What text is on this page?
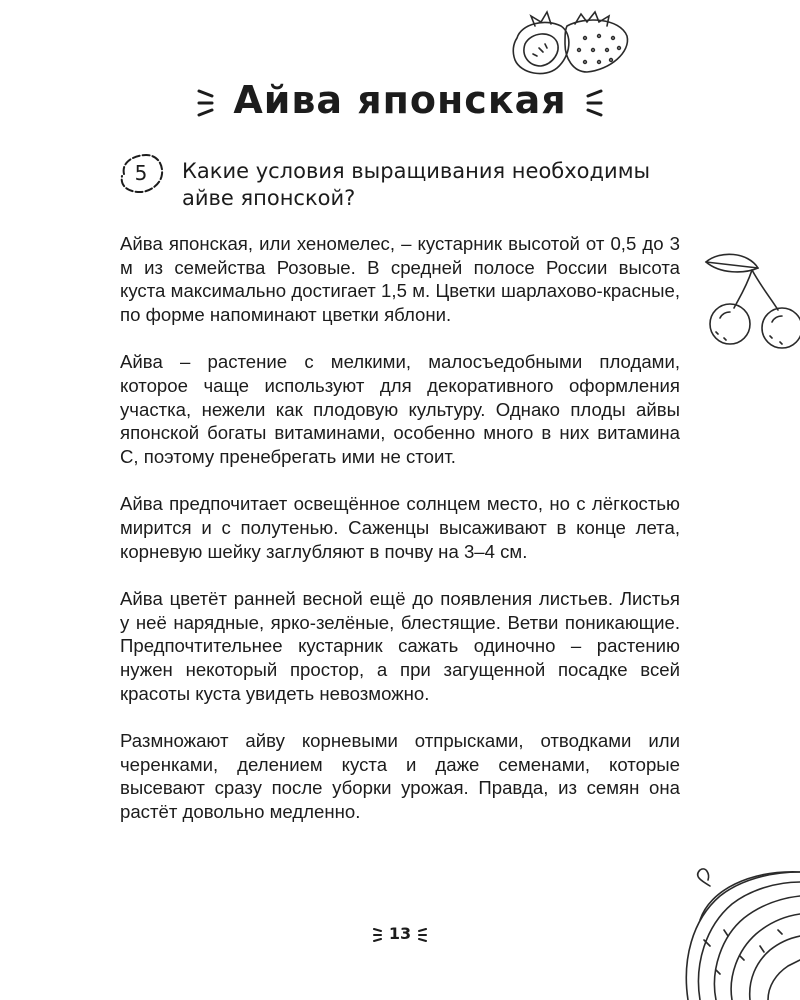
Айва японская
5	Какие условия выращивания необходимы айве японской?

Айва японская, или хеномелес, – кустарник высотой от 0,5 до 3 м из семейства Розовые. В средней полосе России высота куста максимально достигает 1,5 м. Цветки шарлахово-красные, по форме напоминают цветки яблони.

Айва – растение с мелкими, малосъедобными плодами, которое чаще используют для декоративного оформления участка, нежели как плодовую культуру. Однако плоды айвы японской богаты витаминами, особенно много в них витамина С, поэтому пренебрегать ими не стоит.

Айва предпочитает освещённое солнцем место, но с лёгкостью мирится и с полутенью. Саженцы высаживают в конце лета, корневую шейку заглубляют в почву на 3–4 см.

Айва цветёт ранней весной ещё до появления листьев. Листья у неё нарядные, ярко-зелёные, блестящие. Ветви поникающие. Предпочтительнее кустарник сажать одиночно – растению нужен некоторый простор, а при загущенной посадке всей красоты куста увидеть невозможно.

Размножают айву корневыми отпрысками, отводками или черенками, делением куста и даже семенами, которые высевают сразу после уборки урожая. Правда, из семян она растёт довольно медленно.

13
